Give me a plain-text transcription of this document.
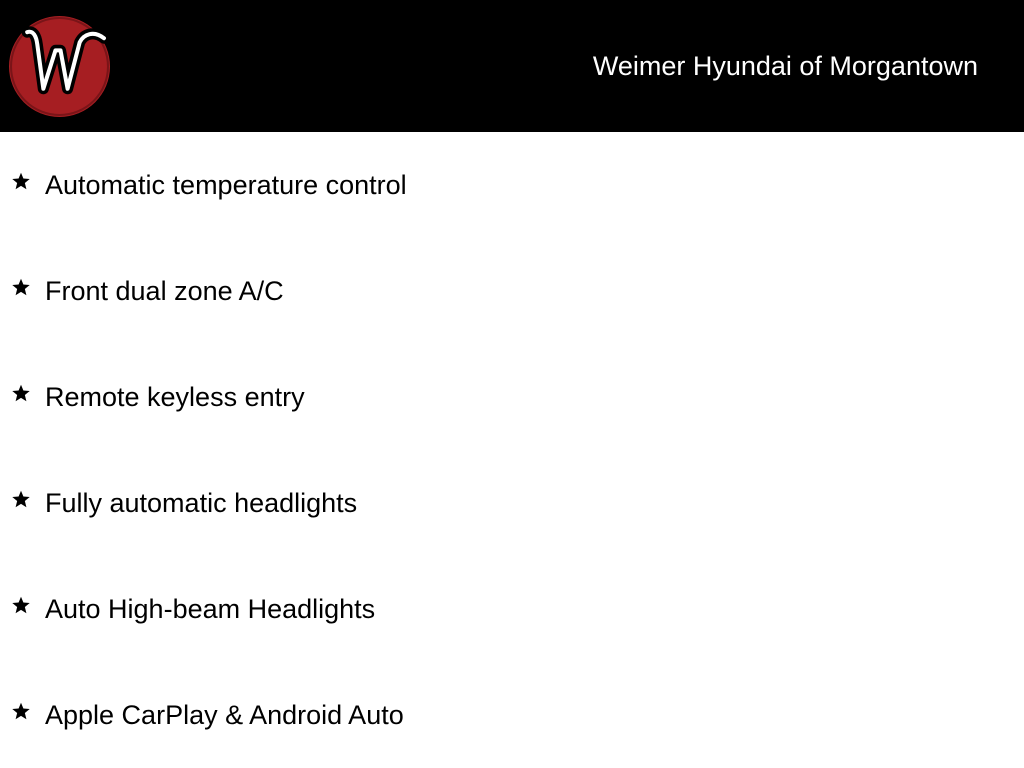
Weimer Hyundai of Morgantown
Automatic temperature control
Front dual zone A/C
Remote keyless entry
Fully automatic headlights
Auto High-beam Headlights
Apple CarPlay & Android Auto
